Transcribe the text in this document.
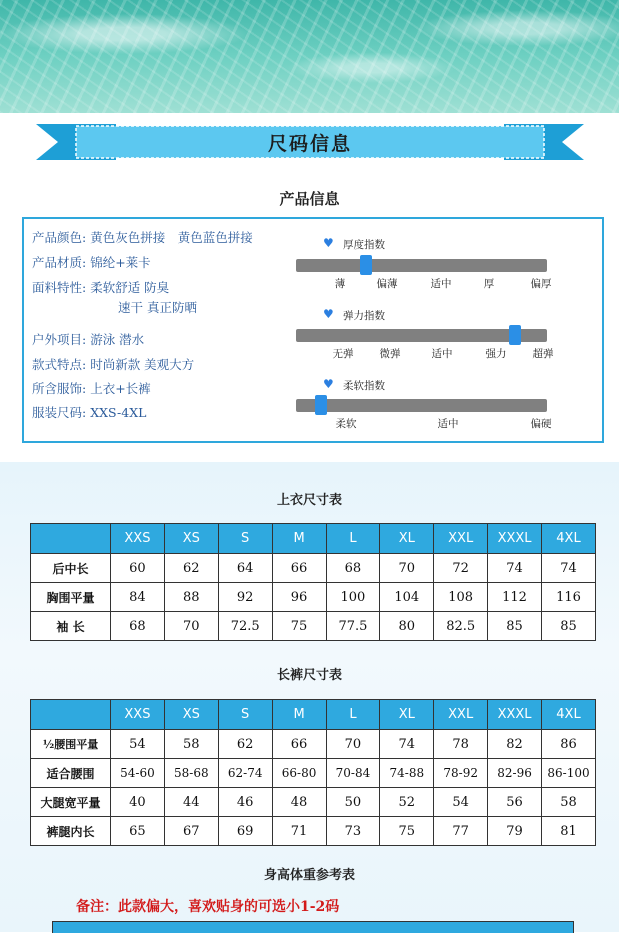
尺码信息
产品信息
产品颜色: 黄色灰色拼接　黄色蓝色拼接
产品材质: 锦纶+莱卡
面料特性: 柔软舒适 防臭
速干 真正防晒
户外项目: 游泳 潜水
款式特点: 时尚新款 美观大方
所含服饰: 上衣+长裤
服装尺码: XXS-4XL
♥ 厚度指数
薄	偏薄	适中	厚	偏厚
♥ 弹力指数
无弹 微弹	适中	强力 超弹
♥ 柔软指数
柔软	适中	偏硬
上衣尺寸表
	XXS	XS	S	M	L	XL	XXL	XXXL	4XL
后中长	60	62	64	66	68	70	72	74	74
胸围平量	84	88	92	96	100	104	108	112	116
袖 长	68	70	72.5	75	77.5	80	82.5	85	85
长裤尺寸表
	XXS	XS	S	M	L	XL	XXL	XXXL	4XL
½腰围平量	54	58	62	66	70	74	78	82	86
适合腰围	54-60	58-68	62-74	66-80	70-84	74-88	78-92	82-96	86-100
大腿宽平量	40	44	46	48	50	52	54	56	58
裤腿内长	65	67	69	71	73	75	77	79	81
身高体重参考表
备注：此款偏大，喜欢贴身的可选小1-2码
